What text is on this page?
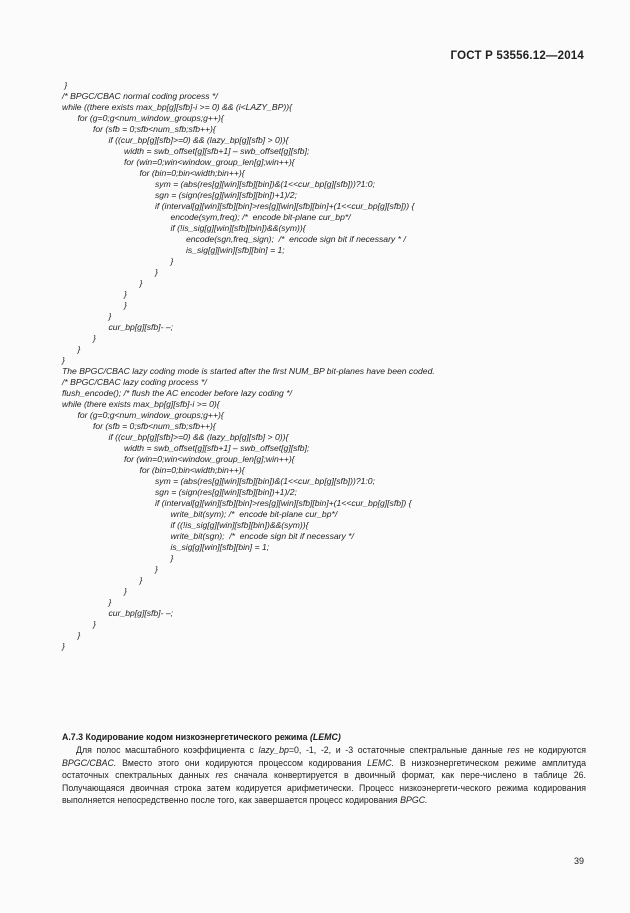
ГОСТ Р 53556.12—2014
}
/* BPGC/CBAC normal coding process */
while ((there exists max_bp[g][sfb]-i >= 0) && (i<LAZY_BP)){
for (g=0;g<num_window_groups;g++){
for (sfb = 0;sfb<num_sfb;sfb++){
if ((cur_bp[g][sfb]>=0) && (lazy_bp[g][sfb] > 0)){
width = swb_offset[g][sfb+1] – swb_offset[g][sfb];
for (win=0;win<window_group_len[g];win++){
for (bin=0;bin<width;bin++){
sym = (abs(res[g][win][sfb][bin])&(1<<cur_bp[g][sfb]))?1:0;
sgn = (sign(res[g][win][sfb][bin])+1)/2;
if (interval[g][win][sfb][bin]>res[g][win][sfb][bin]+(1<<cur_bp[g][sfb])) {
encode(sym,freq); /*  encode bit-plane cur_bp*/
if (!is_sig[g][win][sfb][bin])&&(sym)){
encode(sgn,freq_sign);  /*  encode sign bit if necessary * /
is_sig[g][win][sfb][bin] = 1;
}
}
}
}
}
}
cur_bp[g][sfb]- –;
}
}
}
The BPGC/CBAC lazy coding mode is started after the first NUM_BP bit-planes have been coded.
/* BPGC/CBAC lazy coding process */
flush_encode(); /* flush the AC encoder before lazy coding */
while (there exists max_bp[g][sfb]-i >= 0){
for (g=0;g<num_window_groups;g++){
for (sfb = 0;sfb<num_sfb;sfb++){
if ((cur_bp[g][sfb]>=0) && (lazy_bp[g][sfb] > 0)){
width = swb_offset[g][sfb+1] – swb_offset[g][sfb];
for (win=0;win<window_group_len[g];win++){
for (bin=0;bin<width;bin++){
sym = (abs(res[g][win][sfb][bin])&(1<<cur_bp[g][sfb]))?1:0;
sgn = (sign(res[g][win][sfb][bin])+1)/2;
if (interval[g][win][sfb][bin]>res[g][win][sfb][bin]+(1<<cur_bp[g][sfb]) {
write_bit(sym); /*  encode bit-plane cur_bp*/
if ((!is_sig[g][win][sfb][bin])&&(sym)){
write_bit(sgn);  /*  encode sign bit if necessary */
is_sig[g][win][sfb][bin] = 1;
}
}
}
}
}
cur_bp[g][sfb]- –;
}
}
}

А.7.3 Кодирование кодом низкоэнергетического режима (LEMC)

Для полос масштабного коэффициента с lazy_bp=0, -1, -2, и -3 остаточные спектральные данные res не кодируются BPGC/CBAC. Вместо этого они кодируются процессом кодирования LEMC. В низкоэнергетическом режиме амплитуда остаточных спектральных данных res сначала конвертируется в двоичный формат, как пере-числено в таблице 26. Получающаяся двоичная строка затем кодируется арифметически. Процесс низкоэнергети-ческого режима кодирования выполняется непосредственно после того, как завершается процесс кодирования BPGC.

39
